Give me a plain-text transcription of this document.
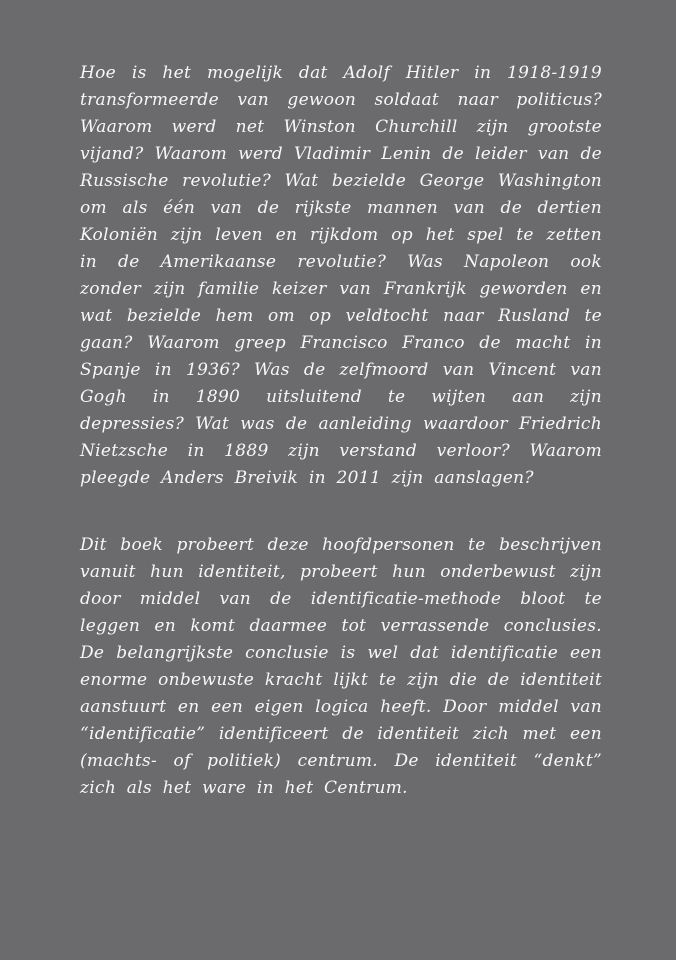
Hoe is het mogelijk dat Adolf Hitler in 1918-1919 transformeerde van gewoon soldaat naar politicus? Waarom werd net Winston Churchill zijn grootste vijand? Waarom werd Vladimir Lenin de leider van de Russische revolutie? Wat bezielde George Washington om als één van de rijkste mannen van de dertien Koloniën zijn leven en rijkdom op het spel te zetten in de Amerikaanse revolutie? Was Napoleon ook zonder zijn familie keizer van Frankrijk geworden en wat bezielde hem om op veldtocht naar Rusland te gaan? Waarom greep Francisco Franco de macht in Spanje in 1936? Was de zelfmoord van Vincent van Gogh in 1890 uitsluitend te wijten aan zijn depressies? Wat was de aanleiding waardoor Friedrich Nietzsche in 1889 zijn verstand verloor? Waarom pleegde Anders Breivik in 2011 zijn aanslagen?

Dit boek probeert deze hoofdpersonen te beschrijven vanuit hun identiteit, probeert hun onderbewust zijn door middel van de identificatie-methode bloot te leggen en komt daarmee tot verrassende conclusies. De belangrijkste conclusie is wel dat identificatie een enorme onbewuste kracht lijkt te zijn die de identiteit aanstuurt en een eigen logica heeft. Door middel van “identificatie” identificeert de identiteit zich met een (machts- of politiek) centrum. De identiteit “denkt” zich als het ware in het Centrum.
